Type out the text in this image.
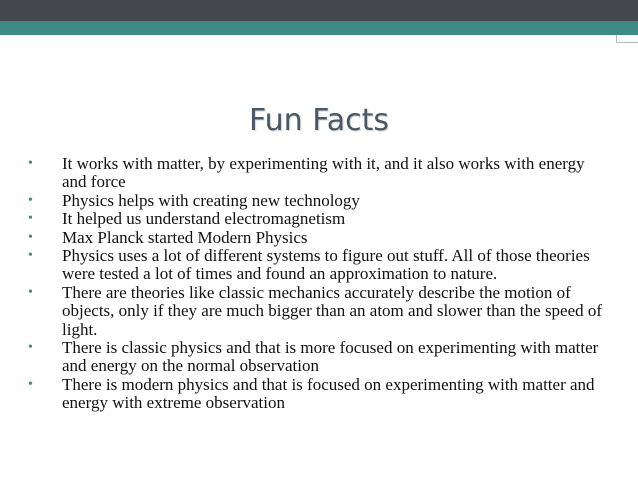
Fun Facts
• It works with matter, by experimenting with it, and it also works with energy and force
• Physics helps with creating new technology
• It helped us understand electromagnetism
• Max Planck started Modern Physics
• Physics uses a lot of different systems to figure out stuff. All of those theories were tested a lot of times and found an approximation to nature.
• There are theories like classic mechanics accurately describe the motion of objects, only if they are much bigger than an atom and slower than the speed of light.
• There is classic physics and that is more focused on experimenting with matter and energy on the normal observation
• There is modern physics and that is focused on experimenting with matter and energy with extreme observation
